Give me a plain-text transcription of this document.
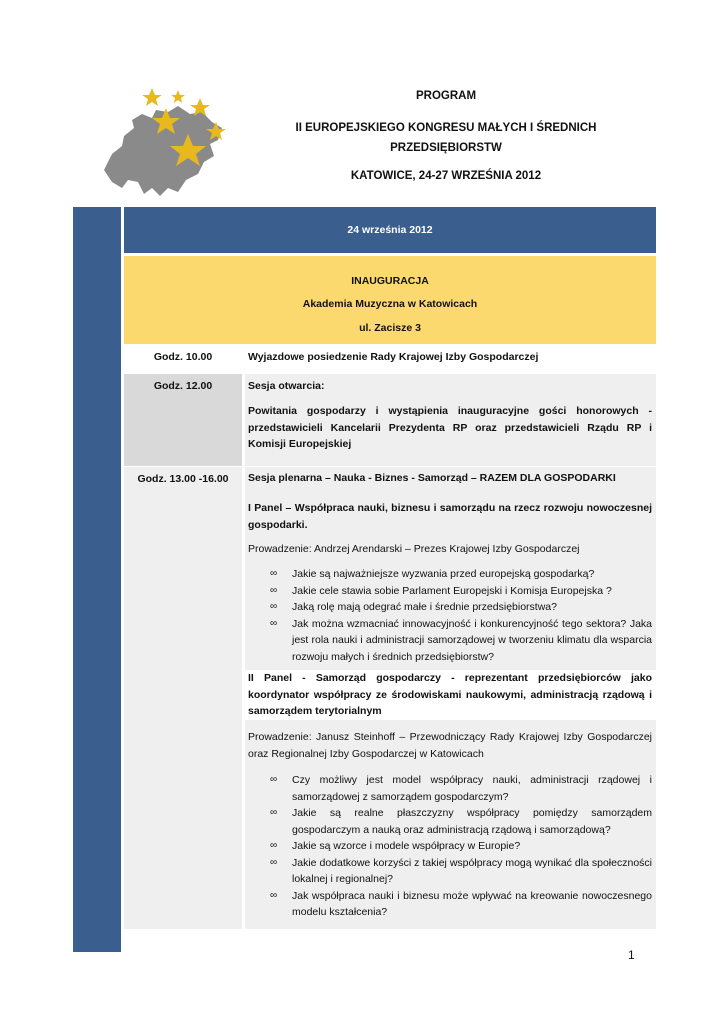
PROGRAM
II EUROPEJSKIEGO KONGRESU MAŁYCH I ŚREDNICH
PRZEDSIĘBIORSTW
KATOWICE, 24-27 WRZEŚNIA 2012
24 września 2012
INAUGURACJA
Akademia Muzyczna w Katowicach
ul. Zacisze 3
Godz. 10.00	Wyjazdowe posiedzenie Rady Krajowej Izby Gospodarczej
Godz. 12.00	Sesja otwarcia:
Powitania gospodarzy i wystąpienia inauguracyjne gości honorowych - przedstawicieli Kancelarii Prezydenta RP oraz przedstawicieli Rządu RP i Komisji Europejskiej
Godz. 13.00 -16.00	Sesja plenarna – Nauka - Biznes - Samorząd – RAZEM DLA GOSPODARKI
I Panel – Współpraca nauki, biznesu i samorządu na rzecz rozwoju nowoczesnej gospodarki.
Prowadzenie: Andrzej Arendarski – Prezes Krajowej Izby Gospodarczej
∞ Jakie są najważniejsze wyzwania przed europejską gospodarką?
∞ Jakie cele stawia sobie Parlament Europejski i Komisja Europejska ?
∞ Jaką rolę mają odegrać małe i średnie przedsiębiorstwa?
∞ Jak można wzmacniać innowacyjność i konkurencyjność tego sektora? Jaka jest rola nauki i administracji samorządowej w tworzeniu klimatu dla wsparcia rozwoju małych i średnich przedsiębiorstw?
II Panel - Samorząd gospodarczy - reprezentant przedsiębiorców jako koordynator współpracy ze środowiskami naukowymi, administracją rządową i samorządem terytorialnym
Prowadzenie: Janusz Steinhoff – Przewodniczący Rady Krajowej Izby Gospodarczej oraz Regionalnej Izby Gospodarczej w Katowicach
∞ Czy możliwy jest model współpracy nauki, administracji rządowej i samorządowej z samorządem gospodarczym?
∞ Jakie są realne płaszczyzny współpracy pomiędzy samorządem gospodarczym a nauką oraz administracją rządową i samorządową?
∞ Jakie są wzorce i modele współpracy w Europie?
∞ Jakie dodatkowe korzyści z takiej współpracy mogą wynikać dla społeczności lokalnej i regionalnej?
∞ Jak współpraca nauki i biznesu może wpływać na kreowanie nowoczesnego modelu kształcenia?
1
